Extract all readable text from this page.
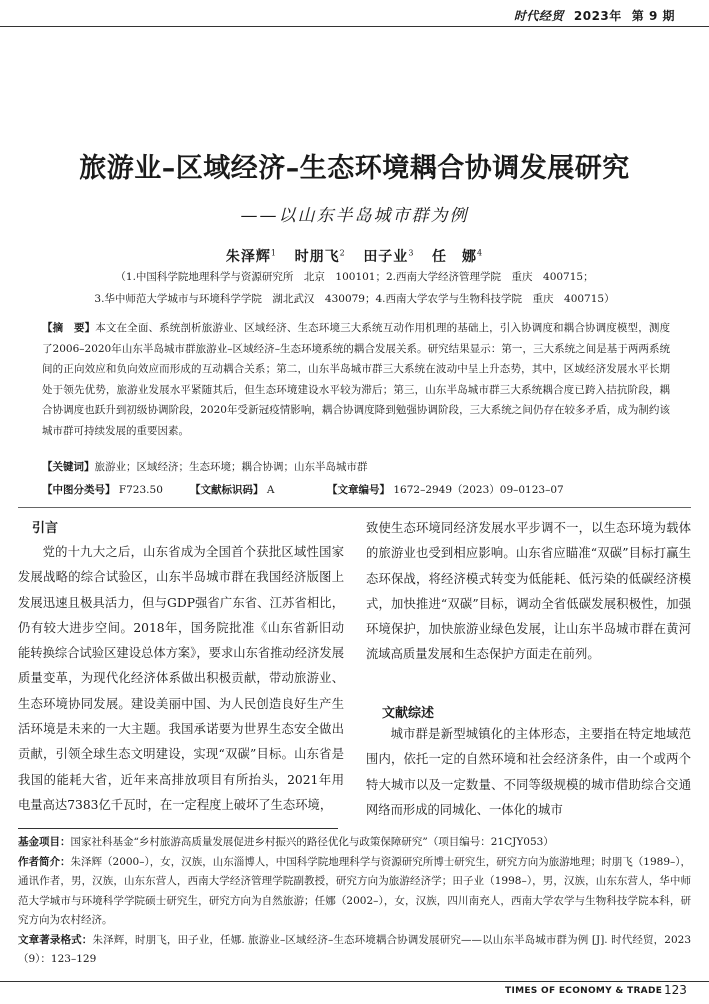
时代经贸 2023年 第 9 期
旅游业–区域经济–生态环境耦合协调发展研究
——以山东半岛城市群为例
朱泽辉$^1$ 时朋飞$^2$ 田子业$^3$ 任　娜$^4$
（1.中国科学院地理科学与资源研究所　北京　100101；2.西南大学经济管理学院　重庆　400715；
3.华中师范大学城市与环境科学学院　湖北武汉　430079；4.西南大学农学与生物科技学院　重庆　400715）
【摘　要】本文在全面、系统剖析旅游业、区域经济、生态环境三大系统互动作用机理的基础上，引入协调度和耦合协调度模型，测度了2006–2020年山东半岛城市群旅游业–区域经济–生态环境系统的耦合发展关系。研究结果显示：第一，三大系统之间是基于两两系统间的正向效应和负向效应而形成的互动耦合关系；第二，山东半岛城市群三大系统在波动中呈上升态势，其中，区域经济发展水平长期处于领先优势，旅游业发展水平紧随其后，但生态环境建设水平较为滞后；第三，山东半岛城市群三大系统耦合度已跨入拮抗阶段，耦合协调度也跃升到初级协调阶段，2020年受新冠疫情影响，耦合协调度降到勉强协调阶段，三大系统之间仍存在较多矛盾，成为制约该城市群可持续发展的重要因素。
【关键词】旅游业；区域经济；生态环境；耦合协调；山东半岛城市群
【中图分类号】 F723.50	【文献标识码】 A	【文章编号】 1672–2949（2023）09–0123–07
引言

党的十九大之后，山东省成为全国首个获批区域性国家发展战略的综合试验区，山东半岛城市群在我国经济版图上发展迅速且极具活力，但与GDP强省广东省、江苏省相比，仍有较大进步空间。2018年，国务院批准《山东省新旧动能转换综合试验区建设总体方案》，要求山东省推动经济发展质量变革，为现代化经济体系做出积极贡献，带动旅游业、生态环境协同发展。建设美丽中国、为人民创造良好生产生活环境是未来的一大主题。我国承诺要为世界生态安全做出贡献，引领全球生态文明建设，实现“双碳”目标。山东省是我国的能耗大省，近年来高排放项目有所抬头，2021年用电量高达7383亿千瓦时，在一定程度上破坏了生态环境，

致使生态环境同经济发展水平步调不一，以生态环境为载体的旅游业也受到相应影响。山东省应瞄准“双碳”目标打赢生态环保战，将经济模式转变为低能耗、低污染的低碳经济模式，加快推进“双碳”目标，调动全省低碳发展积极性，加强环境保护，加快旅游业绿色发展，让山东半岛城市群在黄河流域高质量发展和生态保护方面走在前列。

文献综述

城市群是新型城镇化的主体形态，主要指在特定地域范围内，依托一定的自然环境和社会经济条件，由一个或两个特大城市以及一定数量、不同等级规模的城市借助综合交通网络而形成的同城化、一体化的城市

基金项目：国家社科基金“乡村旅游高质量发展促进乡村振兴的路径优化与政策保障研究”（项目编号：21CJY053）

作者简介：朱泽辉（2000–），女，汉族，山东淄博人，中国科学院地理科学与资源研究所博士研究生，研究方向为旅游地理；时朋飞（1989–），通讯作者，男，汉族，山东东营人，西南大学经济管理学院副教授，研究方向为旅游经济学；田子业（1998–），男，汉族，山东东营人，华中师范大学城市与环境科学学院硕士研究生，研究方向为自然旅游；任娜（2002–），女，汉族，四川南充人，西南大学农学与生物科技学院本科，研究方向为农村经济。

文章著录格式：朱泽辉，时朋飞，田子业，任娜. 旅游业–区域经济–生态环境耦合协调发展研究——以山东半岛城市群为例 [J]. 时代经贸，2023（9）：123–129

TIMES OF ECONOMY & TRADE 123
